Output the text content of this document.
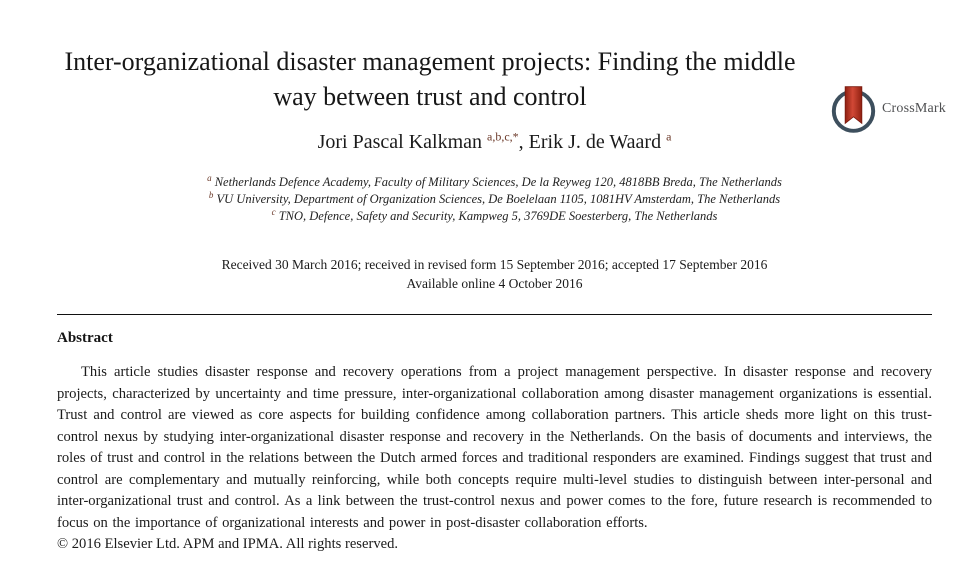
CrossMark
Inter-organizational disaster management projects: Finding the middle way between trust and control
Jori Pascal Kalkman $^{a,b,c,*}$, Erik J. de Waard $^a$
$^a$ Netherlands Defence Academy, Faculty of Military Sciences, De la Reyweg 120, 4818BB Breda, The Netherlands
$^b$ VU University, Department of Organization Sciences, De Boelelaan 1105, 1081HV Amsterdam, The Netherlands
$^c$ TNO, Defence, Safety and Security, Kampweg 5, 3769DE Soesterberg, The Netherlands
Received 30 March 2016; received in revised form 15 September 2016; accepted 17 September 2016
Available online 4 October 2016
Abstract

This article studies disaster response and recovery operations from a project management perspective. In disaster response and recovery projects, characterized by uncertainty and time pressure, inter-organizational collaboration among disaster management organizations is essential. Trust and control are viewed as core aspects for building confidence among collaboration partners. This article sheds more light on this trust-control nexus by studying inter-organizational disaster response and recovery in the Netherlands. On the basis of documents and interviews, the roles of trust and control in the relations between the Dutch armed forces and traditional responders are examined. Findings suggest that trust and control are complementary and mutually reinforcing, while both concepts require multi-level studies to distinguish between inter-personal and inter-organizational trust and control. As a link between the trust-control nexus and power comes to the fore, future research is recommended to focus on the importance of organizational interests and power in post-disaster collaboration efforts.

© 2016 Elsevier Ltd. APM and IPMA. All rights reserved.
